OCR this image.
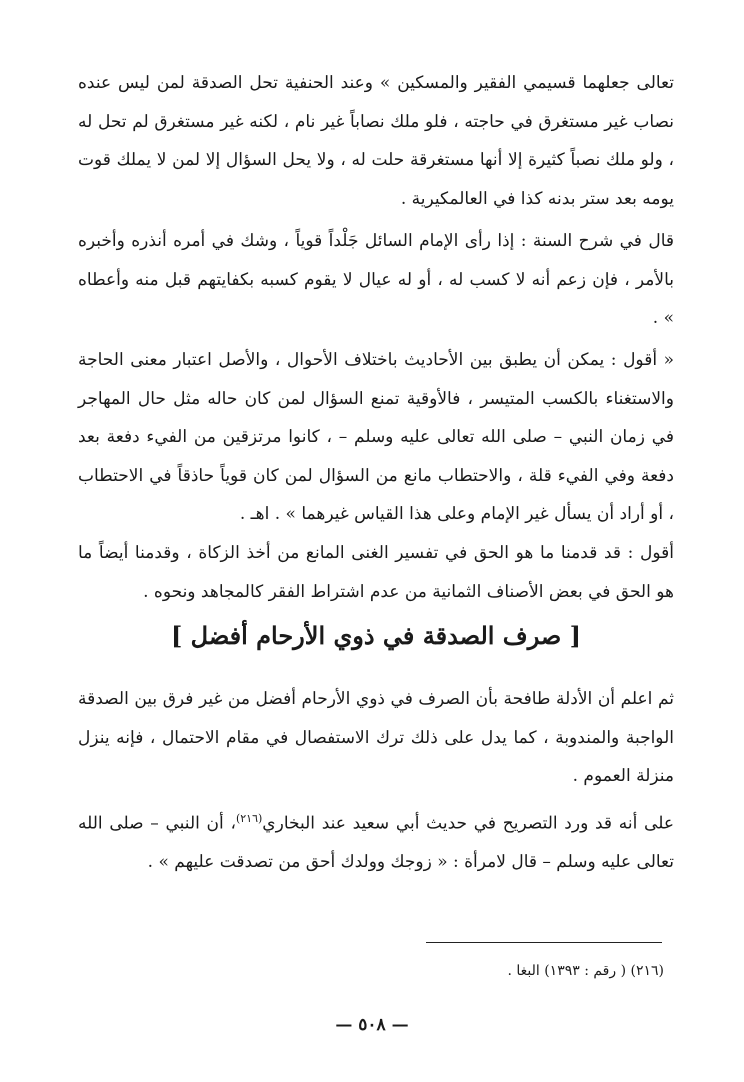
تعالى جعلهما قسيمي الفقير والمسكين » وعند الحنفية تحل الصدقة لمن ليس عنده نصاب غير مستغرق في حاجته ، فلو ملك نصاباً غير نام ، لكنه غير مستغرق لم تحل له ، ولو ملك نصباً كثيرة إلا أنها مستغرقة حلت له ، ولا يحل السؤال إلا لمن لا يملك قوت يومه بعد ستر بدنه كذا في العالمكيرية .

قال في شرح السنة : إذا رأى الإمام السائل جَلْداً قوياً ، وشك في أمره أنذره وأخبره بالأمر ، فإن زعم أنه لا كسب له ، أو له عيال لا يقوم كسبه بكفايتهم قبل منه وأعطاه » .

« أقول : يمكن أن يطبق بين الأحاديث باختلاف الأحوال ، والأصل اعتبار معنى الحاجة والاستغناء بالكسب المتيسر ، فالأوقية تمنع السؤال لمن كان حاله مثل حال المهاجر في زمان النبي – صلى الله تعالى عليه وسلم – ، كانوا مرتزقين من الفيء دفعة بعد دفعة وفي الفيء قلة ، والاحتطاب مانع من السؤال لمن كان قوياً حاذقاً في الاحتطاب ، أو أراد أن يسأل غير الإمام وعلى هذا القياس غيرهما » . اهـ .

أقول : قد قدمنا ما هو الحق في تفسير الغنى المانع من أخذ الزكاة ، وقدمنا أيضاً ما هو الحق في بعض الأصناف الثمانية من عدم اشتراط الفقر كالمجاهد ونحوه .

[ صرف الصدقة في ذوي الأرحام أفضل ]

ثم اعلم أن الأدلة طافحة بأن الصرف في ذوي الأرحام أفضل من غير فرق بين الصدقة الواجبة والمندوبة ، كما يدل على ذلك ترك الاستفصال في مقام الاحتمال ، فإنه ينزل منزلة العموم .

على أنه قد ورد التصريح في حديث أبي سعيد عند البخاري$^{(٢١٦)}$، أن النبي – صلى الله تعالى عليه وسلم – قال لامرأة : « زوجك وولدك أحق من تصدقت عليهم » .

(٢١٦) ( رقم : ١٣٩٣) البغا .
— ٥٠٨ —
